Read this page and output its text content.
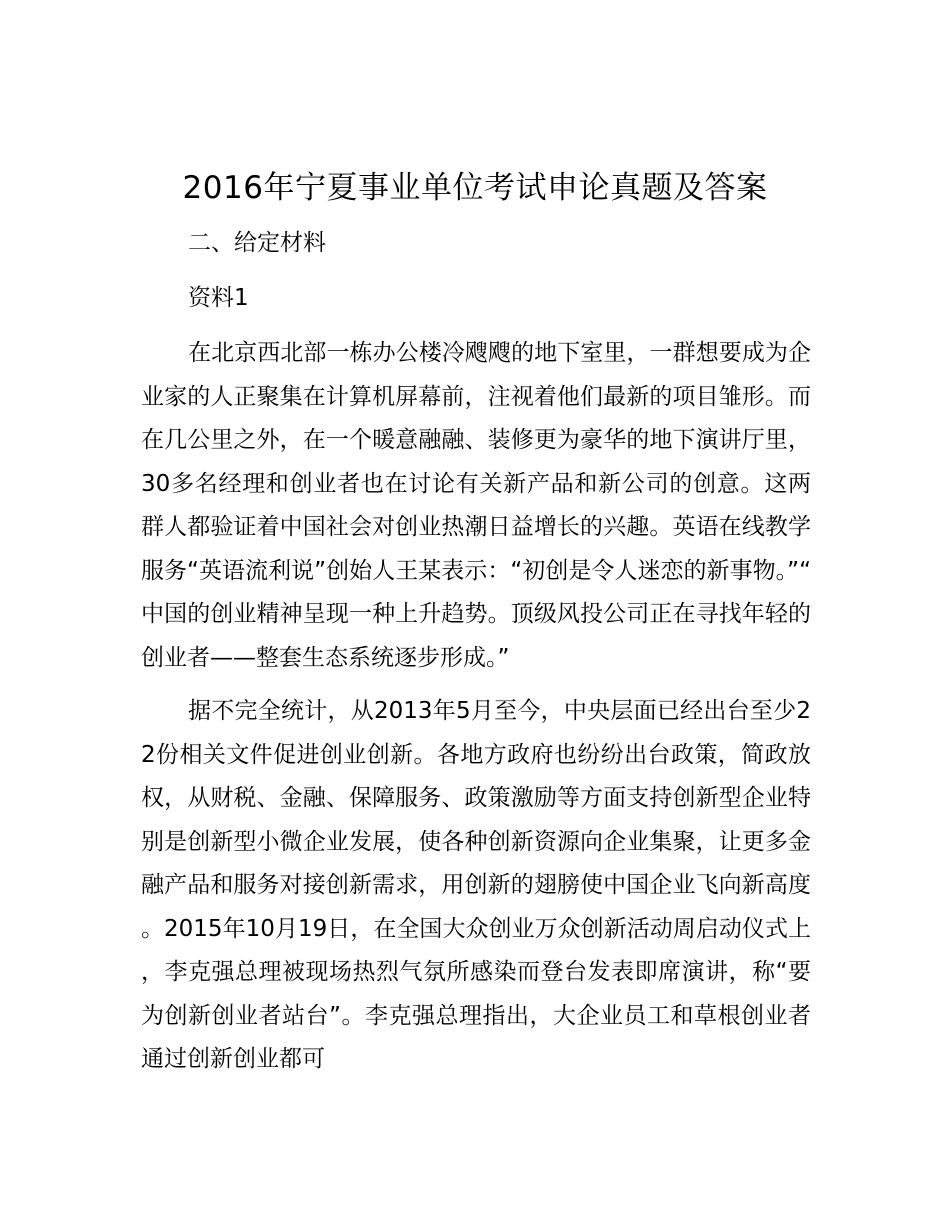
2016年宁夏事业单位考试申论真题及答案

二、给定材料

资料1

在北京西北部一栋办公楼冷飕飕的地下室里，一群想要成为企业家的人正聚集在计算机屏幕前，注视着他们最新的项目雏形。而在几公里之外，在一个暖意融融、装修更为豪华的地下演讲厅里，30多名经理和创业者也在讨论有关新产品和新公司的创意。这两群人都验证着中国社会对创业热潮日益增长的兴趣。英语在线教学服务“英语流利说”创始人王某表示：“初创是令人迷恋的新事物。”“中国的创业精神呈现一种上升趋势。顶级风投公司正在寻找年轻的创业者——整套生态系统逐步形成。”

据不完全统计，从2013年5月至今，中央层面已经出台至少22份相关文件促进创业创新。各地方政府也纷纷出台政策，简政放权，从财税、金融、保障服务、政策激励等方面支持创新型企业特别是创新型小微企业发展，使各种创新资源向企业集聚，让更多金融产品和服务对接创新需求，用创新的翅膀使中国企业飞向新高度。2015年10月19日，在全国大众创业万众创新活动周启动仪式上，李克强总理被现场热烈气氛所感染而登台发表即席演讲，称“要为创新创业者站台”。李克强总理指出，大企业员工和草根创业者通过创新创业都可
